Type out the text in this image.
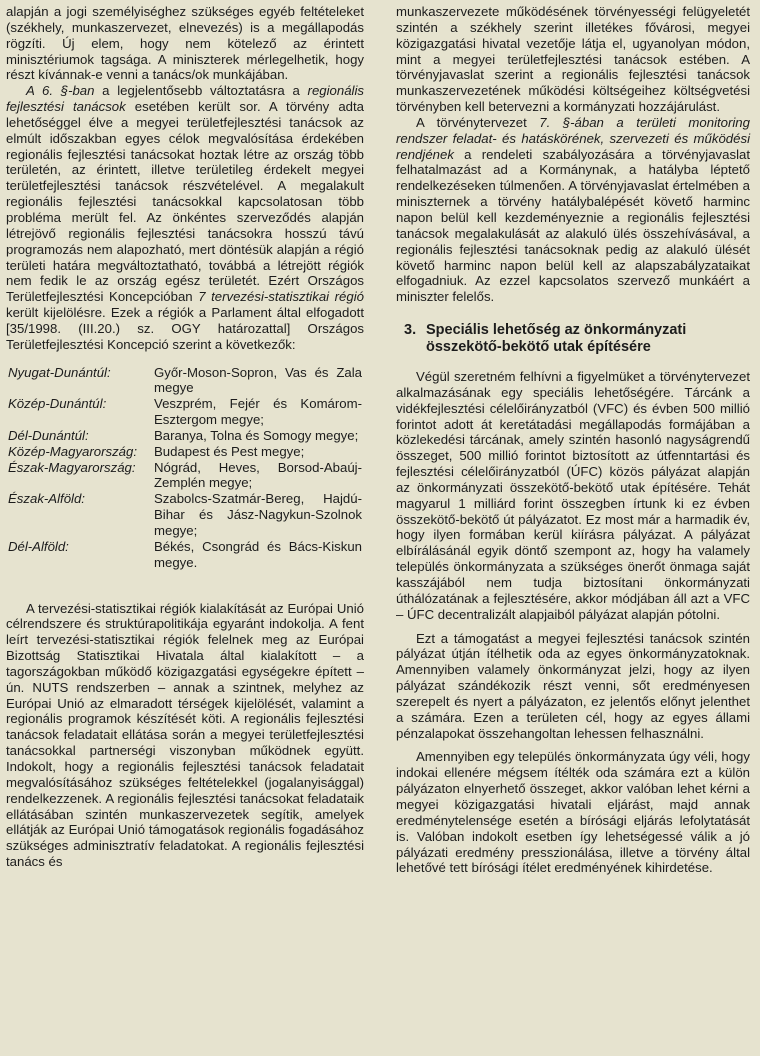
alapján a jogi személyiséghez szükséges egyéb feltételeket (székhely, munkaszervezet, elnevezés) is a megállapodás rögzíti. Új elem, hogy nem kötelező az érintett minisztériumok tagsága. A miniszterek mérlegelhetik, hogy részt kívánnak-e venni a tanács/ok munkájában.

A 6. §-ban a legjelentősebb változtatásra a regionális fejlesztési tanácsok esetében került sor. A törvény adta lehetőséggel élve a megyei területfejlesztési tanácsok az elmúlt időszakban egyes célok megvalósítása érdekében regionális fejlesztési tanácsokat hoztak létre az ország több területén, az érintett, illetve területileg érdekelt megyei területfejlesztési tanácsok részvételével. A megalakult regionális fejlesztési tanácsokkal kapcsolatosan több probléma merült fel. Az önkéntes szerveződés alapján létrejövő regionális fejlesztési tanácsokra hosszú távú programozás nem alapozható, mert döntésük alapján a régió területi határa megváltoztatható, továbbá a létrejött régiók nem fedik le az ország egész területét. Ezért Országos Területfejlesztési Koncepcióban 7 tervezési-statisztikai régió került kijelölésre. Ezek a régiók a Parlament által elfogadott [35/1998. (III.20.) sz. OGY határozattal] Országos Területfejlesztési Koncepció szerint a következők:

Nyugat-Dunántúl:	Győr-Moson-Sopron, Vas és Zala megye
Közép-Dunántúl:	Veszprém, Fejér és Komárom-Esztergom megye;
Dél-Dunántúl:	Baranya, Tolna és Somogy megye;
Közép-Magyarország:	Budapest és Pest megye;
Észak-Magyarország:	Nógrád, Heves, Borsod-Abaúj-Zemplén megye;
Észak-Alföld:	Szabolcs-Szatmár-Bereg, Hajdú-Bihar és Jász-Nagykun-Szolnok megye;
Dél-Alföld:	Békés, Csongrád és Bács-Kiskun megye.

A tervezési-statisztikai régiók kialakítását az Európai Unió célrendszere és struktúrapolitikája egyaránt indokolja. A fent leírt tervezési-statisztikai régiók felelnek meg az Európai Bizottság Statisztikai Hivatala által kialakított – a tagországokban működő közigazgatási egységekre épített – ún. NUTS rendszerben – annak a szintnek, melyhez az Európai Unió az elmaradott térségek kijelölését, valamint a regionális programok készítését köti. A regionális fejlesztési tanácsok feladatait ellátása során a megyei területfejlesztési tanácsokkal partnerségi viszonyban működnek együtt. Indokolt, hogy a regionális fejlesztési tanácsok feladatait megvalósításához szükséges feltételekkel (jogalanyisággal) rendelkezzenek. A regionális fejlesztési tanácsokat feladataik ellátásában szintén munkaszervezetek segítik, amelyek ellátják az Európai Unió támogatások regionális fogadásához szükséges adminisztratív feladatokat. A regionális fejlesztési tanács és

munkaszervezete működésének törvényességi felügyeletét szintén a székhely szerint illetékes fővárosi, megyei közigazgatási hivatal vezetője látja el, ugyanolyan módon, mint a megyei területfejlesztési tanácsok estében. A törvényjavaslat szerint a regionális fejlesztési tanácsok munkaszervezetének működési költségeihez költségvetési törvényben kell betervezni a kormányzati hozzájárulást.

A törvénytervezet 7. §-ában a területi monitoring rendszer feladat- és hatáskörének, szervezeti és működési rendjének a rendeleti szabályozására a törvényjavaslat felhatalmazást ad a Kormánynak, a hatályba léptető rendelkezéseken túlmenően. A törvényjavaslat értelmében a miniszternek a törvény hatálybalépését követő harminc napon belül kell kezdeményeznie a regionális fejlesztési tanácsok megalakulását az alakuló ülés összehívásával, a regionális fejlesztési tanácsoknak pedig az alakuló ülését követő harminc napon belül kell az alapszabályzataikat elfogadniuk. Az ezzel kapcsolatos szervező munkáért a miniszter felelős.

3. Speciális lehetőség az önkormányzati összekötő-bekötő utak építésére

Végül szeretném felhívni a figyelmüket a törvénytervezet alkalmazásának egy speciális lehetőségére. Tárcánk a vidékfejlesztési célelőirányzatból (VFC) és évben 500 millió forintot adott át keretátadási megállapodás formájában a közlekedési tárcának, amely szintén hasonló nagyságrendű összeget, 500 millió forintot biztosított az útfenntartási és fejlesztési célelőirányzatból (ÚFC) közös pályázat alapján az önkormányzati összekötő-bekötő utak építésére. Tehát magyarul 1 milliárd forint összegben írtunk ki ez évben összekötő-bekötő út pályázatot. Ez most már a harmadik év, hogy ilyen formában kerül kiírásra pályázat. A pályázat elbírálásánál egyik döntő szempont az, hogy ha valamely település önkormányzata a szükséges önerőt önmaga saját kasszájából nem tudja biztosítani önkormányzati úthálózatának a fejlesztésére, akkor módjában áll azt a VFC – ÚFC decentralizált alapjaiból pályázat alapján pótolni.

Ezt a támogatást a megyei fejlesztési tanácsok szintén pályázat útján ítélhetik oda az egyes önkormányzatoknak. Amennyiben valamely önkormányzat jelzi, hogy az ilyen pályázat szándékozik részt venni, sőt eredményesen szerepelt és nyert a pályázaton, ez jelentős előnyt jelenthet a számára. Ezen a területen cél, hogy az egyes állami pénzalapokat összehangoltan lehessen felhasználni.

Amennyiben egy település önkormányzata úgy véli, hogy indokai ellenére mégsem ítélték oda számára ezt a külön pályázaton elnyerhető összeget, akkor valóban lehet kérni a megyei közigazgatási hivatali eljárást, majd annak eredménytelensége esetén a bírósági eljárás lefolytatását is. Valóban indokolt esetben így lehetségessé válik a jó pályázati eredmény presszionálása, illetve a törvény által lehetővé tett bírósági ítélet eredményének kihirdetése.
